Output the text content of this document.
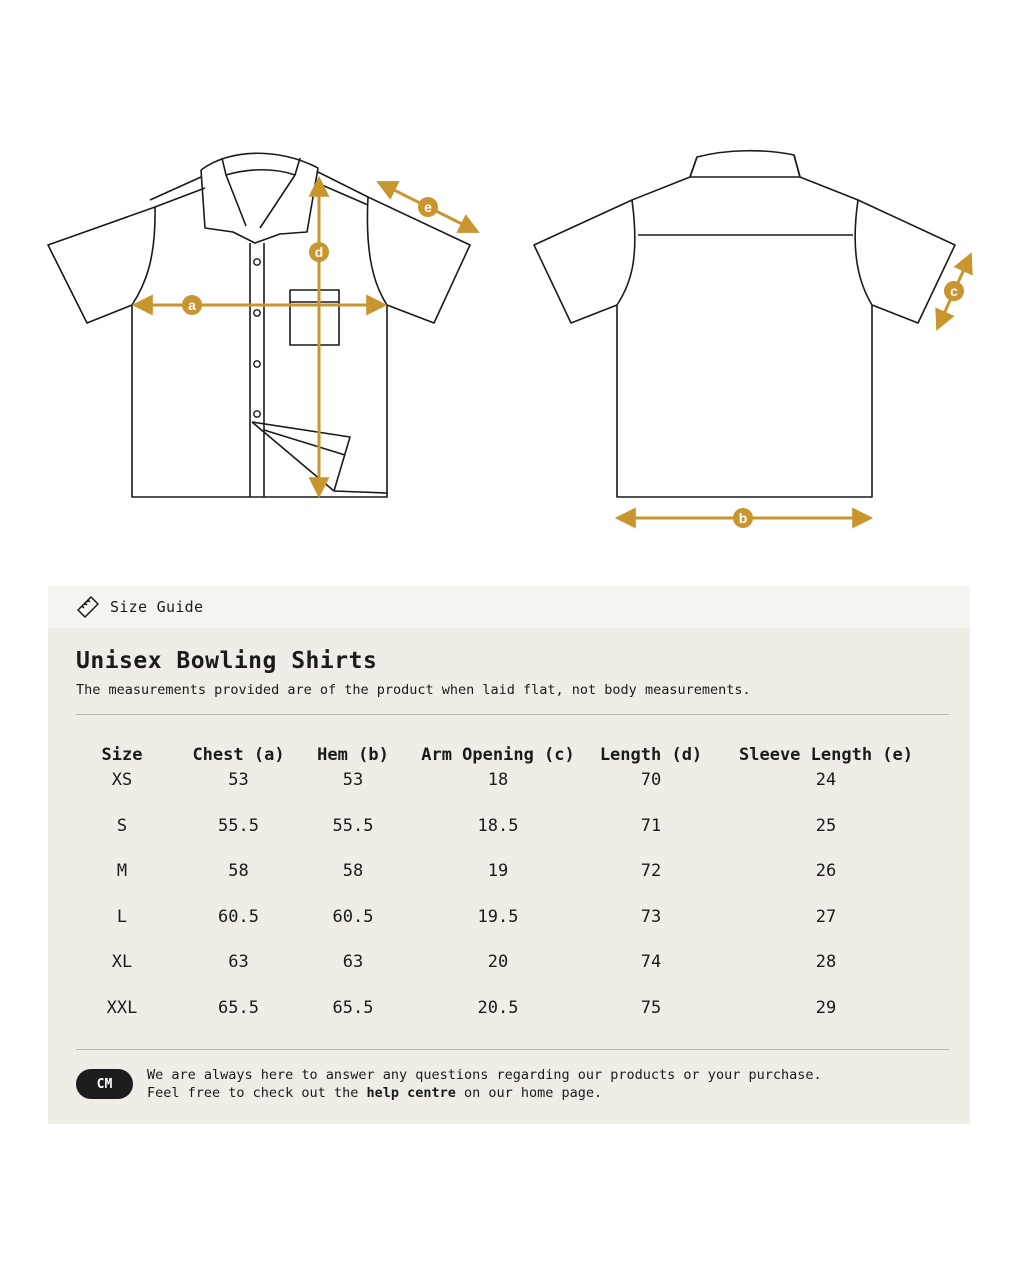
a
d
e
b
c
Size Guide
Unisex Bowling Shirts
The measurements provided are of the product when laid flat, not body measurements.
Size	Chest (a)	Hem (b)	Arm Opening (c)	Length (d)	Sleeve Length (e)
XS	53	53	18	70	24
S	55.5	55.5	18.5	71	25
M	58	58	19	72	26
L	60.5	60.5	19.5	73	27
XL	63	63	20	74	28
XXL	65.5	65.5	20.5	75	29
CM
We are always here to answer any questions regarding our products or your purchase.
Feel free to check out the help centre on our home page.
